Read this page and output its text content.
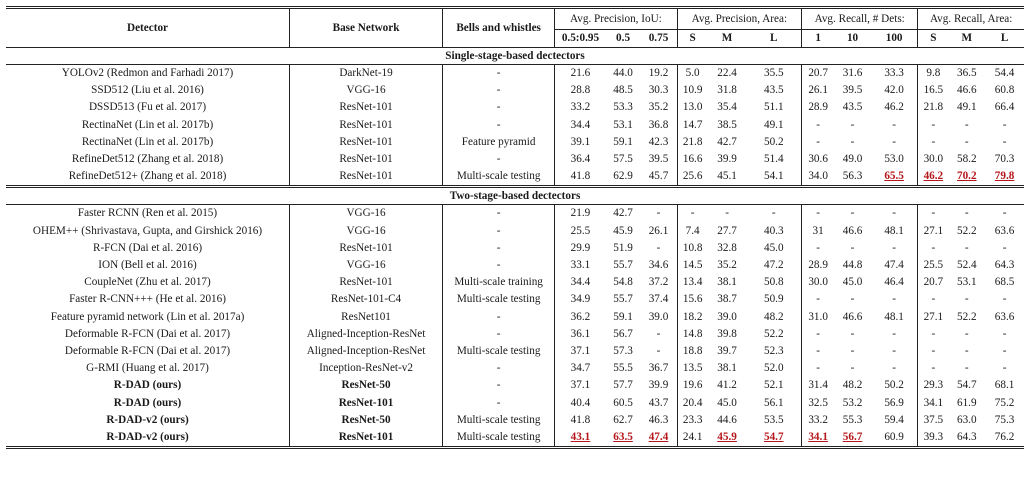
Detector	Base Network	Bells and whistles	Avg. Precision, IoU:			Avg. Precision, Area:			Avg. Recall, # Dets:			Avg. Recall, Area:		
			0.5:0.95	0.5	0.75	S	M	L	1	10	100	S	M	L
Single-stage-based dectectors														
YOLOv2 (Redmon and Farhadi 2017)	DarkNet-19	-	21.6	44.0	19.2	5.0	22.4	35.5	20.7	31.6	33.3	9.8	36.5	54.4
SSD512 (Liu et al. 2016)	VGG-16	-	28.8	48.5	30.3	10.9	31.8	43.5	26.1	39.5	42.0	16.5	46.6	60.8
DSSD513 (Fu et al. 2017)	ResNet-101	-	33.2	53.3	35.2	13.0	35.4	51.1	28.9	43.5	46.2	21.8	49.1	66.4
RectinaNet (Lin et al. 2017b)	ResNet-101	-	34.4	53.1	36.8	14.7	38.5	49.1	-	-	-	-	-	-
RectinaNet (Lin et al. 2017b)	ResNet-101	Feature pyramid	39.1	59.1	42.3	21.8	42.7	50.2	-	-	-	-	-	-
RefineDet512 (Zhang et al. 2018)	ResNet-101	-	36.4	57.5	39.5	16.6	39.9	51.4	30.6	49.0	53.0	30.0	58.2	70.3
RefineDet512+ (Zhang et al. 2018)	ResNet-101	Multi-scale testing	41.8	62.9	45.7	25.6	45.1	54.1	34.0	56.3	65.5	46.2	70.2	79.8
Two-stage-based dectectors														
Faster RCNN (Ren et al. 2015)	VGG-16	-	21.9	42.7	-	-	-	-	-	-	-	-	-	-
OHEM++ (Shrivastava, Gupta, and Girshick 2016)	VGG-16	-	25.5	45.9	26.1	7.4	27.7	40.3	31	46.6	48.1	27.1	52.2	63.6
R-FCN (Dai et al. 2016)	ResNet-101	-	29.9	51.9	-	10.8	32.8	45.0	-	-	-	-	-	-
ION (Bell et al. 2016)	VGG-16	-	33.1	55.7	34.6	14.5	35.2	47.2	28.9	44.8	47.4	25.5	52.4	64.3
CoupleNet (Zhu et al. 2017)	ResNet-101	Multi-scale training	34.4	54.8	37.2	13.4	38.1	50.8	30.0	45.0	46.4	20.7	53.1	68.5
Faster R-CNN+++ (He et al. 2016)	ResNet-101-C4	Multi-scale testing	34.9	55.7	37.4	15.6	38.7	50.9	-	-	-	-	-	-
Feature pyramid network (Lin et al. 2017a)	ResNet101	-	36.2	59.1	39.0	18.2	39.0	48.2	31.0	46.6	48.1	27.1	52.2	63.6
Deformable R-FCN (Dai et al. 2017)	Aligned-Inception-ResNet	-	36.1	56.7	-	14.8	39.8	52.2	-	-	-	-	-	-
Deformable R-FCN (Dai et al. 2017)	Aligned-Inception-ResNet	Multi-scale testing	37.1	57.3	-	18.8	39.7	52.3	-	-	-	-	-	-
G-RMI (Huang et al. 2017)	Inception-ResNet-v2	-	34.7	55.5	36.7	13.5	38.1	52.0	-	-	-	-	-	-
R-DAD (ours)	ResNet-50	-	37.1	57.7	39.9	19.6	41.2	52.1	31.4	48.2	50.2	29.3	54.7	68.1
R-DAD (ours)	ResNet-101	-	40.4	60.5	43.7	20.4	45.0	56.1	32.5	53.2	56.9	34.1	61.9	75.2
R-DAD-v2 (ours)	ResNet-50	Multi-scale testing	41.8	62.7	46.3	23.3	44.6	53.5	33.2	55.3	59.4	37.5	63.0	75.3
R-DAD-v2 (ours)	ResNet-101	Multi-scale testing	43.1	63.5	47.4	24.1	45.9	54.7	34.1	56.7	60.9	39.3	64.3	76.2
